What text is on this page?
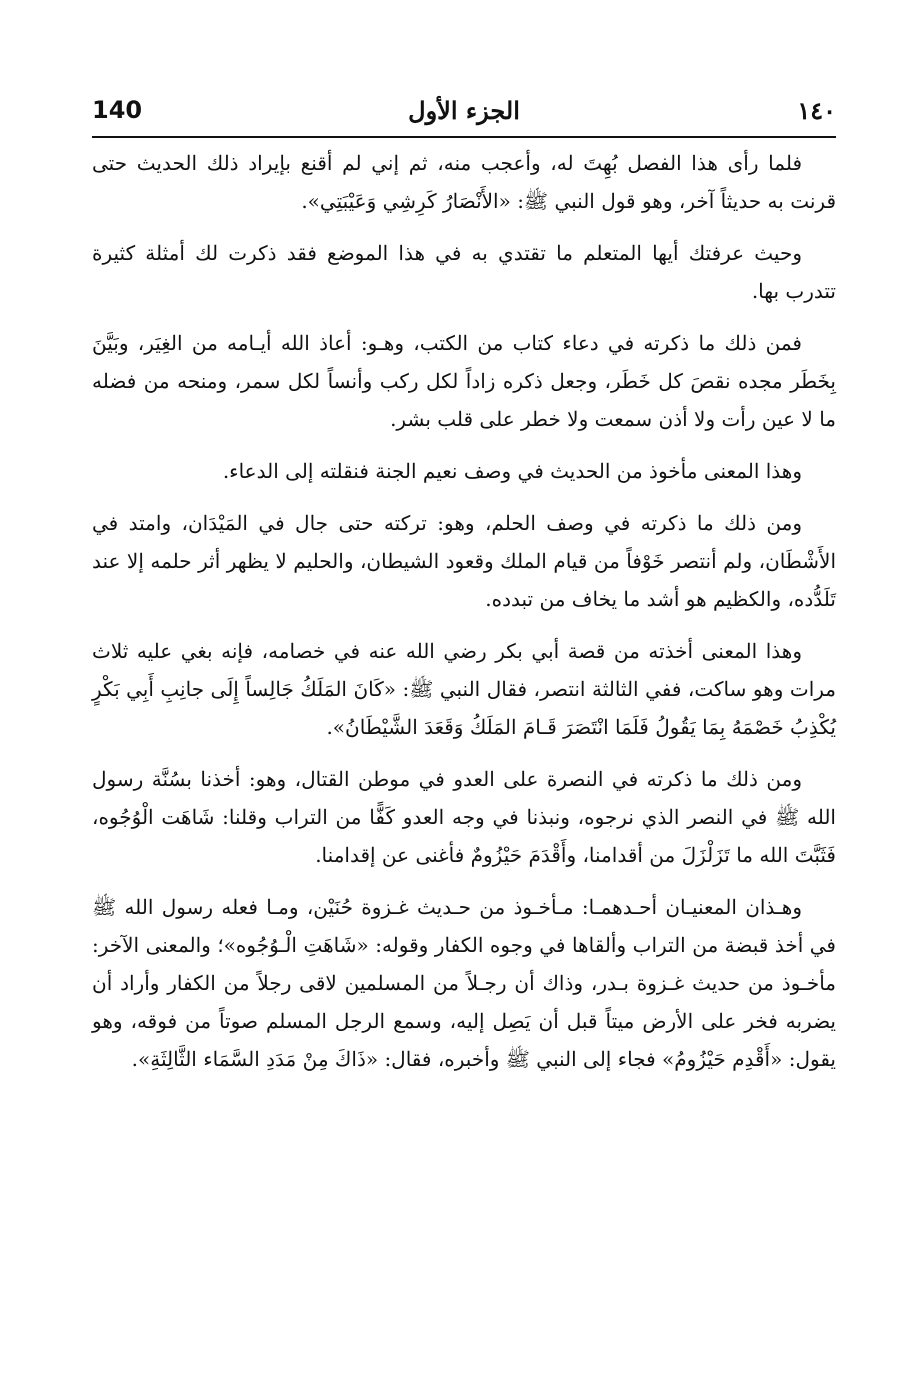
140	الجزء الأول	١٤٠

فلما رأى هذا الفصل بُهِتَ له، وأعجب منه، ثم إني لم أقنع بإيراد ذلك الحديث حتى قرنت به حديثاً آخر، وهو قول النبي ﷺ: «الأَنْصَارُ كَرِشِي وَعَيْبَتِي».

وحيث عرفتك أيها المتعلم ما تقتدي به في هذا الموضع فقد ذكرت لك أمثلة كثيرة تتدرب بها.

فمن ذلك ما ذكرته في دعاء كتاب من الكتب، وهـو: أعاذ الله أيـامه من الغِيَر، وبَيَّنَ بِخَطَر مجده نقصَ كل خَطَر، وجعل ذكره زاداً لكل ركب وأنساً لكل سمر، ومنحه من فضله ما لا عين رأت ولا أذن سمعت ولا خطر على قلب بشر.

وهذا المعنى مأخوذ من الحديث في وصف نعيم الجنة فنقلته إلى الدعاء.

ومن ذلك ما ذكرته في وصف الحلم، وهو: تركته حتى جال في المَيْدَان، وامتد في الأَشْطَان، ولم أنتصر خَوْفاً من قيام الملك وقعود الشيطان، والحليم لا يظهر أثر حلمه إلا عند تَلَدُّده، والكظيم هو أشد ما يخاف من تبدده.

وهذا المعنى أخذته من قصة أبي بكر رضي الله عنه في خصامه، فإنه بغي عليه ثلاث مرات وهو ساكت، ففي الثالثة انتصر، فقال النبي ﷺ: «كَانَ المَلَكُ جَالِساً إِلَى جانِبِ أَبِي بَكْرٍ يُكْذِبُ خَصْمَهُ بِمَا يَقُولُ فَلَمَا انْتَصَرَ قَـامَ المَلَكُ وَقَعَدَ الشَّيْطَانُ».

ومن ذلك ما ذكرته في النصرة على العدو في موطن القتال، وهو: أخذنا بسُنَّة رسول الله ﷺ في النصر الذي نرجوه، ونبذنا في وجه العدو كَفًّا من التراب وقلنا: شَاهَت الْوُجُوه، فَثَبَّتَ الله ما تَزَلْزَلَ من أقدامنا، وأَقْدَمَ حَيْزُومٌ فأغنى عن إقدامنا.

وهـذان المعنيـان أحـدهمـا: مـأخـوذ من حـديث غـزوة حُنَيْن، ومـا فعله رسول الله ﷺ في أخذ قبضة من التراب وألقاها في وجوه الكفار وقوله: «شَاهَتِ الْـوُجُوه»؛ والمعنى الآخر: مأخـوذ من حديث غـزوة بـدر، وذاك أن رجـلاً من المسلمين لاقى رجلاً من الكفار وأراد أن يضربه فخر على الأرض ميتاً قبل أن يَصِل إليه، وسمع الرجل المسلم صوتاً من فوقه، وهو يقول: «أَقْدِم حَيْزُومُ» فجاء إلى النبي ﷺ وأخبره، فقال: «ذَاكَ مِنْ مَدَدِ السَّمَاء الثَّالِثَةِ».
